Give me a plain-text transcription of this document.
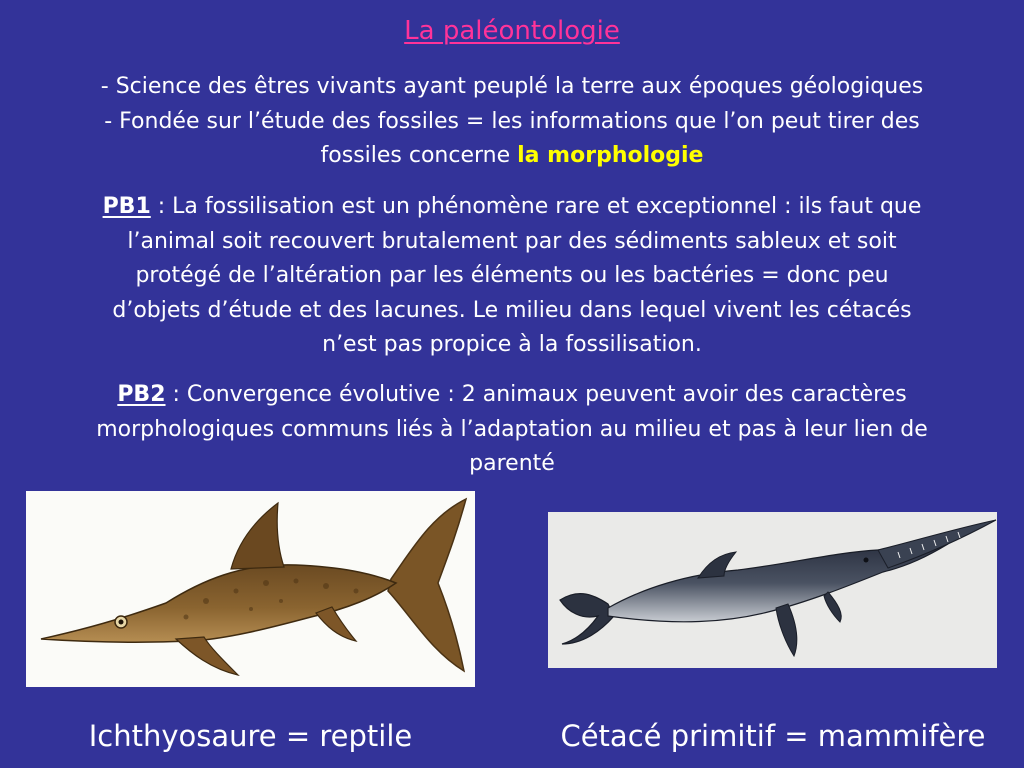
La paléontologie

- Science des êtres vivants ayant peuplé la terre aux époques géologiques
- Fondée sur l’étude des fossiles = les informations que l’on peut tirer des
fossiles concerne la morphologie

PB1 : La fossilisation est un phénomène rare et exceptionnel : ils faut que
l’animal soit recouvert brutalement par des sédiments sableux et soit
protégé de l’altération par les éléments ou les bactéries = donc peu
d’objets d’étude et des lacunes. Le milieu dans lequel vivent les cétacés
n’est pas propice à la fossilisation.

PB2 : Convergence évolutive : 2 animaux peuvent avoir des caractères
morphologiques communs liés à l’adaptation au milieu et pas à leur lien de
parenté

Ichthyosaure = reptile	Cétacé primitif = mammifère
